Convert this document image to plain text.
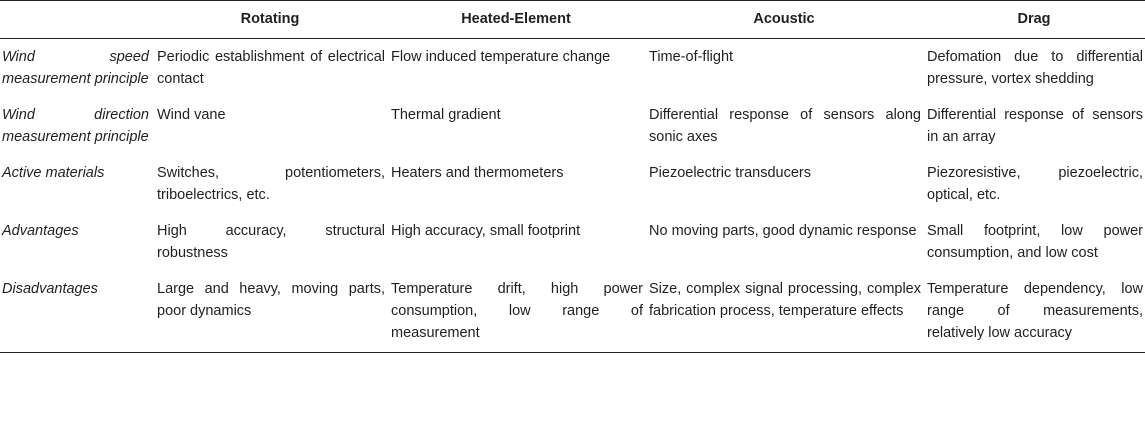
	Rotating	Heated-Element	Acoustic	Drag
Wind speed measurement principle	Periodic establishment of electrical contact	Flow induced temperature change	Time-of-flight	Defomation due to differential pressure, vortex shedding
Wind direction measurement principle	Wind vane	Thermal gradient	Differential response of sensors along sonic axes	Differential response of sensors in an array
Active materials	Switches, potentiometers, triboelectrics, etc.	Heaters and thermometers	Piezoelectric transducers	Piezoresistive, piezoelectric, optical, etc.
Advantages	High accuracy, structural robustness	High accuracy, small footprint	No moving parts, good dynamic response	Small footprint, low power consumption, and low cost
Disadvantages	Large and heavy, moving parts, poor dynamics	Temperature drift, high power consumption, low range of measurement	Size, complex signal processing, complex fabrication process, temperature effects	Temperature dependency, low range of measurements, relatively low accuracy
